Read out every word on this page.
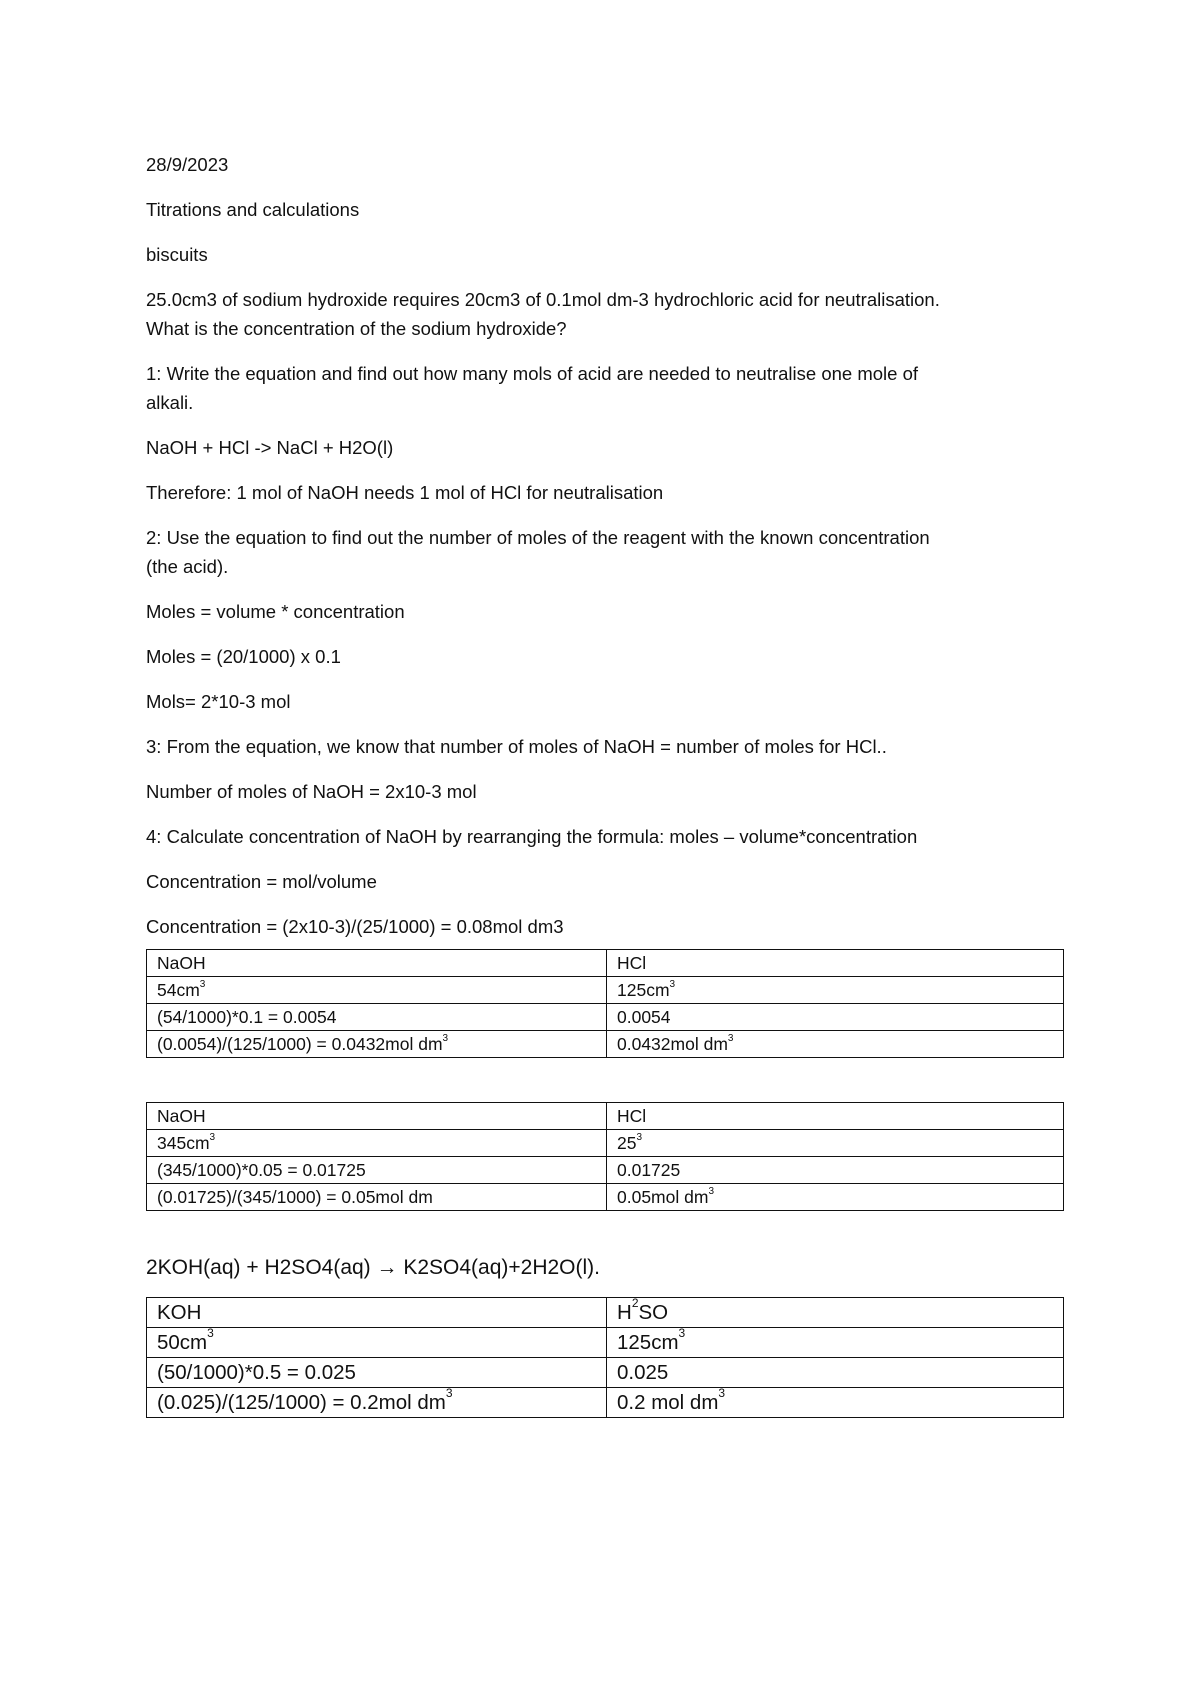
28/9/2023

Titrations and calculations

biscuits

25.0cm3 of sodium hydroxide requires 20cm3 of 0.1mol dm-3 hydrochloric acid for neutralisation.
What is the concentration of the sodium hydroxide?

1: Write the equation and find out how many mols of acid are needed to neutralise one mole of
alkali.

NaOH + HCl -> NaCl + H2O(l)

Therefore: 1 mol of NaOH needs 1 mol of HCl for neutralisation

2: Use the equation to find out the number of moles of the reagent with the known concentration
(the acid).

Moles = volume * concentration

Moles = (20/1000) x 0.1

Mols= 2*10-3 mol

3: From the equation, we know that number of moles of NaOH = number of moles for HCl..

Number of moles of NaOH = 2x10-3 mol

4: Calculate concentration of NaOH by rearranging the formula: moles – volume*concentration

Concentration = mol/volume

Concentration = (2x10-3)/(25/1000) = 0.08mol dm3

NaOH	HCl
$54cm^3$	$125cm^3$
(54/1000)*0.1 = 0.0054	0.0054
(0.0054)/(125/1000) = 0.0432mol $dm^3$	0.0432mol $dm^3$
NaOH	HCl
$345cm^3$	$25^3$
(345/1000)*0.05 = 0.01725	0.01725
(0.01725)/(345/1000) = 0.05mol dm	0.05mol $dm^3$

2KOH(aq) + H2SO4(aq) → K2SO4(aq)+2H2O(l).

KOH	$H^2SO$
$50cm^3$	$125cm^3$
(50/1000)*0.5 = 0.025	0.025
(0.025)/(125/1000) = 0.2mol $dm^3$	0.2 mol $dm^3$
